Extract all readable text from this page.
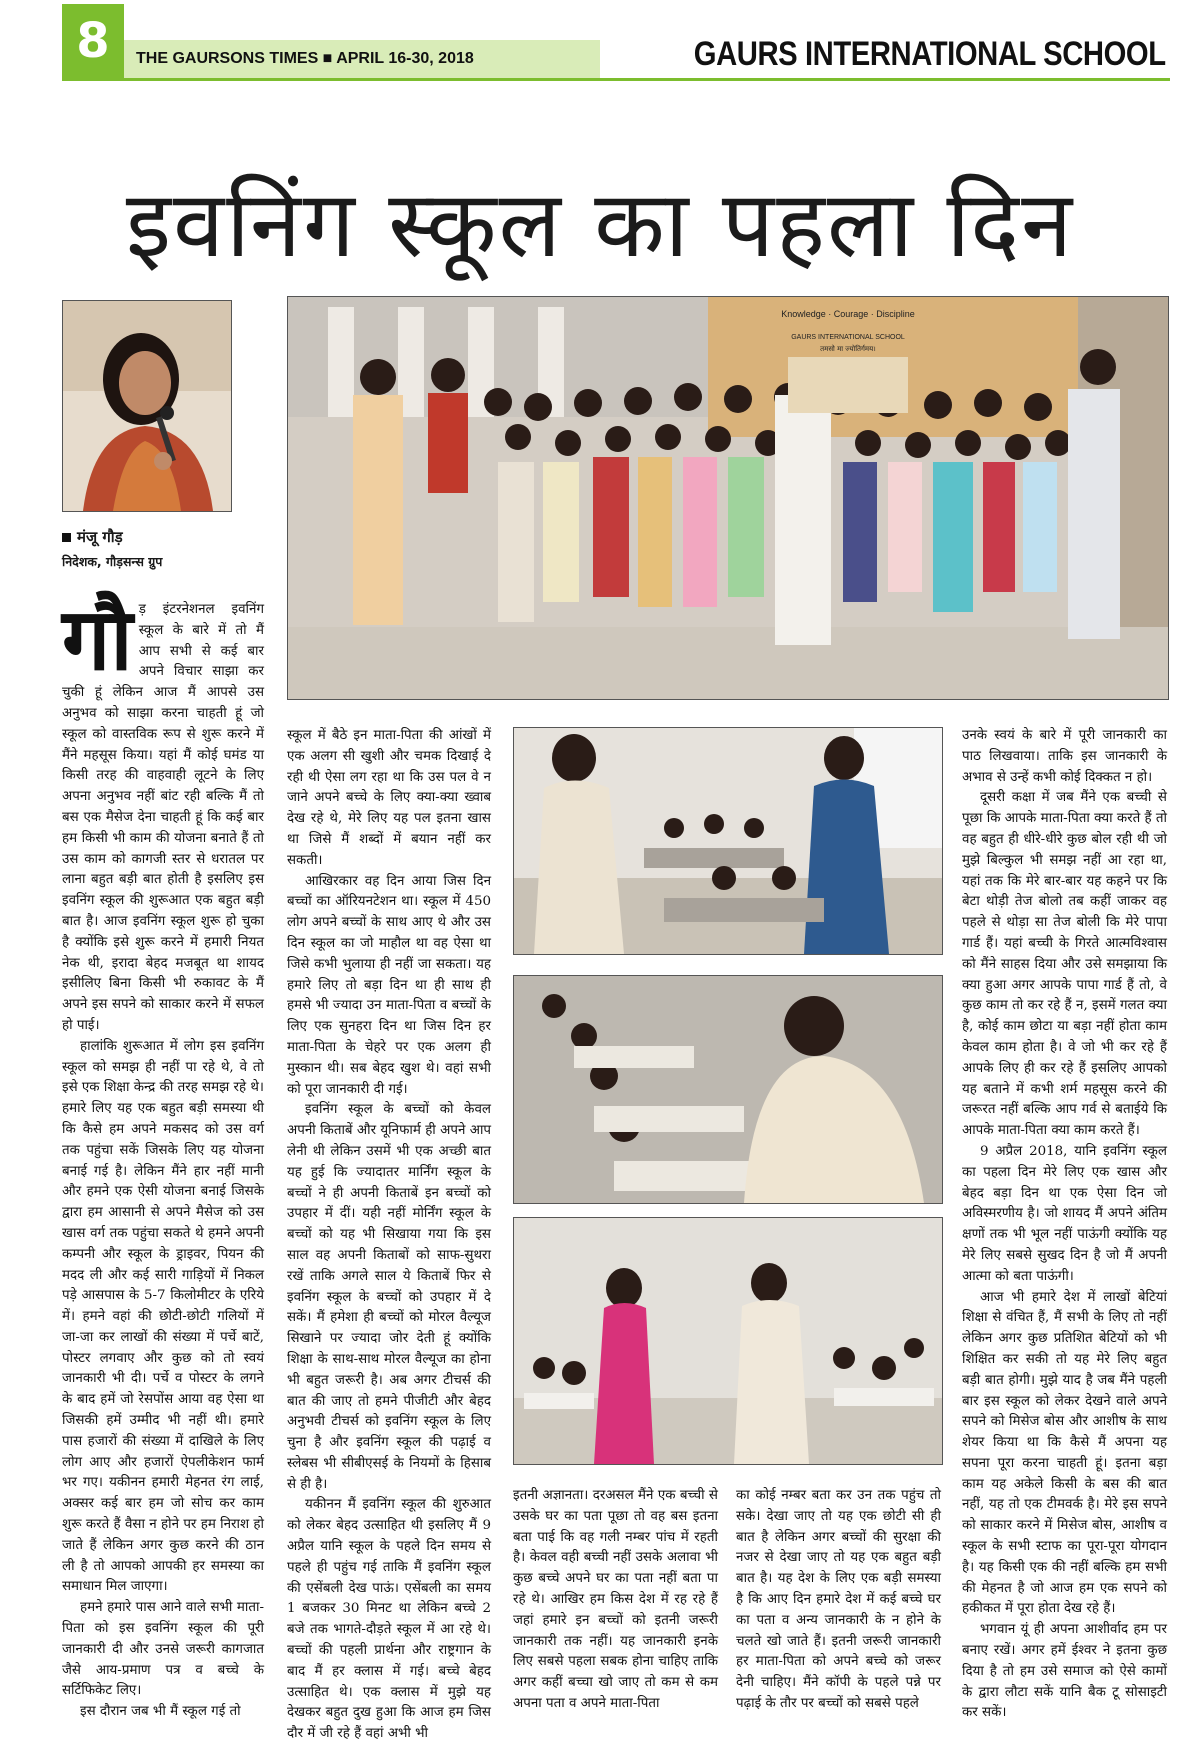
8	THE GAURSONS TIMES ■ APRIL 16-30, 2018	GAURS INTERNATIONAL SCHOOL
इवनिंग स्कूल का पहला दिन
मंजू गौड़
निदेशक, गौड़सन्स ग्रुप
Knowledge · Courage · Discipline
GAURS INTERNATIONAL SCHOOL
तमसो मा ज्योतिर्गमय।

गौड़ इंटरनेशनल इवनिंग स्कूल के बारे में तो मैं आप सभी से कई बार अपने विचार साझा कर चुकी हूं लेकिन आज मैं आपसे उस अनुभव को साझा करना चाहती हूं जो स्कूल को वास्तविक रूप से शुरू करने में मैंने महसूस किया। यहां मैं कोई घमंड या किसी तरह की वाहवाही लूटने के लिए अपना अनुभव नहीं बांट रही बल्कि मैं तो बस एक मैसेज देना चाहती हूं कि कई बार हम किसी भी काम की योजना बनाते हैं तो उस काम को कागजी स्तर से धरातल पर लाना बहुत बड़ी बात होती है इसलिए इस इवनिंग स्कूल की शुरूआत एक बहुत बड़ी बात है। आज इवनिंग स्कूल शुरू हो चुका है क्योंकि इसे शुरू करने में हमारी नियत नेक थी, इरादा बेहद मजबूत था शायद इसीलिए बिना किसी भी रुकावट के मैं अपने इस सपने को साकार करने में सफल हो पाई।

हालांकि शुरूआत में लोग इस इवनिंग स्कूल को समझ ही नहीं पा रहे थे, वे तो इसे एक शिक्षा केन्द्र की तरह समझ रहे थे। हमारे लिए यह एक बहुत बड़ी समस्या थी कि कैसे हम अपने मकसद को उस वर्ग तक पहुंचा सकें जिसके लिए यह योजना बनाई गई है। लेकिन मैंने हार नहीं मानी और हमने एक ऐसी योजना बनाई जिसके द्वारा हम आसानी से अपने मैसेज को उस खास वर्ग तक पहुंचा सकते थे हमने अपनी कम्पनी और स्कूल के ड्राइवर, पियन की मदद ली और कई सारी गाड़ियों में निकल पड़े आसपास के 5-7 किलोमीटर के एरिये में। हमने वहां की छोटी-छोटी गलियों में जा-जा कर लाखों की संख्या में पर्चे बाटें, पोस्टर लगवाए और कुछ को तो स्वयं जानकारी भी दी। पर्चे व पोस्टर के लगने के बाद हमें जो रेसपोंस आया वह ऐसा था जिसकी हमें उम्मीद भी नहीं थी। हमारे पास हजारों की संख्या में दाखिले के लिए लोग आए और हजारों ऐपलीकेशन फार्म भर गए। यकीनन हमारी मेहनत रंग लाई, अक्सर कई बार हम जो सोच कर काम शुरू करते हैं वैसा न होने पर हम निराश हो जाते हैं लेकिन अगर कुछ करने की ठान ली है तो आपको आपकी हर समस्या का समाधान मिल जाएगा।

हमने हमारे पास आने वाले सभी माता-पिता को इस इवनिंग स्कूल की पूरी जानकारी दी और उनसे जरूरी कागजात जैसे आय-प्रमाण पत्र व बच्चे के सर्टिफिकेट लिए।

इस दौरान जब भी मैं स्कूल गई तो

स्कूल में बैठे इन माता-पिता की आंखों में एक अलग सी खुशी और चमक दिखाई दे रही थी ऐसा लग रहा था कि उस पल वे न जाने अपने बच्चे के लिए क्या-क्या ख्वाब देख रहे थे, मेरे लिए यह पल इतना खास था जिसे मैं शब्दों में बयान नहीं कर सकती।

आखिरकार वह दिन आया जिस दिन बच्चों का ऑरियनटेशन था। स्कूल में 450 लोग अपने बच्चों के साथ आए थे और उस दिन स्कूल का जो माहौल था वह ऐसा था जिसे कभी भुलाया ही नहीं जा सकता। यह हमारे लिए तो बड़ा दिन था ही साथ ही हमसे भी ज्यादा उन माता-पिता व बच्चों के लिए एक सुनहरा दिन था जिस दिन हर माता-पिता के चेहरे पर एक अलग ही मुस्कान थी। सब बेहद खुश थे। वहां सभी को पूरा जानकारी दी गई।

इवनिंग स्कूल के बच्चों को केवल अपनी किताबें और यूनिफार्म ही अपने आप लेनी थी लेकिन उसमें भी एक अच्छी बात यह हुई कि ज्यादातर मार्निंग स्कूल के बच्चों ने ही अपनी किताबें इन बच्चों को उपहार में दीं। यही नहीं मोर्निंग स्कूल के बच्चों को यह भी सिखाया गया कि इस साल वह अपनी किताबों को साफ-सुथरा रखें ताकि अगले साल ये किताबें फिर से इवनिंग स्कूल के बच्चों को उपहार में दे सकें। मैं हमेशा ही बच्चों को मोरल वैल्यूज सिखाने पर ज्यादा जोर देती हूं क्योंकि शिक्षा के साथ-साथ मोरल वैल्यूज का होना भी बहुत जरूरी है। अब अगर टीचर्स की बात की जाए तो हमने पीजीटी और बेहद अनुभवी टीचर्स को इवनिंग स्कूल के लिए चुना है और इवनिंग स्कूल की पढ़ाई व स्लेबस भी सीबीएसई के नियमों के हिसाब से ही है।

यकीनन मैं इवनिंग स्कूल की शुरुआत को लेकर बेहद उत्साहित थी इसलिए मैं 9 अप्रैल यानि स्कूल के पहले दिन समय से पहले ही पहुंच गई ताकि मैं इवनिंग स्कूल की एसेंबली देख पाऊं। एसेंबली का समय 1 बजकर 30 मिनट था लेकिन बच्चे 2 बजे तक भागते-दौड़ते स्कूल में आ रहे थे। बच्चों की पहली प्रार्थना और राष्ट्रगान के बाद मैं हर क्लास में गई। बच्चे बेहद उत्साहित थे। एक क्लास में मुझे यह देखकर बहुत दुख हुआ कि आज हम जिस दौर में जी रहे हैं वहां अभी भी

इतनी अज्ञानता। दरअसल मैंने एक बच्ची से उसके घर का पता पूछा तो वह बस इतना बता पाई कि वह गली नम्बर पांच में रहती है। केवल वही बच्ची नहीं उसके अलावा भी कुछ बच्चे अपने घर का पता नहीं बता पा रहे थे। आखिर हम किस देश में रह रहे हैं जहां हमारे इन बच्चों को इतनी जरूरी जानकारी तक नहीं। यह जानकारी इनके लिए सबसे पहला सबक होना चाहिए ताकि अगर कहीं बच्चा खो जाए तो कम से कम अपना पता व अपने माता-पिता

का कोई नम्बर बता कर उन तक पहुंच तो सके। देखा जाए तो यह एक छोटी सी ही बात है लेकिन अगर बच्चों की सुरक्षा की नजर से देखा जाए तो यह एक बहुत बड़ी बात है। यह देश के लिए एक बड़ी समस्या है कि आए दिन हमारे देश में कई बच्चे घर का पता व अन्य जानकारी के न होने के चलते खो जाते हैं। इतनी जरूरी जानकारी हर माता-पिता को अपने बच्चे को जरूर देनी चाहिए। मैंने कॉपी के पहले पन्ने पर पढ़ाई के तौर पर बच्चों को सबसे पहले

उनके स्वयं के बारे में पूरी जानकारी का पाठ लिखवाया। ताकि इस जानकारी के अभाव से उन्हें कभी कोई दिक्कत न हो।

दूसरी कक्षा में जब मैंने एक बच्ची से पूछा कि आपके माता-पिता क्या करते हैं तो वह बहुत ही धीरे-धीरे कुछ बोल रही थी जो मुझे बिल्कुल भी समझ नहीं आ रहा था, यहां तक कि मेरे बार-बार यह कहने पर कि बेटा थोड़ी तेज बोलो तब कहीं जाकर वह पहले से थोड़ा सा तेज बोली कि मेरे पापा गार्ड हैं। यहां बच्ची के गिरते आत्मविश्वास को मैंने साहस दिया और उसे समझाया कि क्या हुआ अगर आपके पापा गार्ड हैं तो, वे कुछ काम तो कर रहे हैं न, इसमें गलत क्या है, कोई काम छोटा या बड़ा नहीं होता काम केवल काम होता है। वे जो भी कर रहे हैं आपके लिए ही कर रहे हैं इसलिए आपको यह बताने में कभी शर्म महसूस करने की जरूरत नहीं बल्कि आप गर्व से बताईये कि आपके माता-पिता क्या काम करते हैं।

9 अप्रैल 2018, यानि इवनिंग स्कूल का पहला दिन मेरे लिए एक खास और बेहद बड़ा दिन था एक ऐसा दिन जो अविस्मरणीय है। जो शायद मैं अपने अंतिम क्षणों तक भी भूल नहीं पाऊंगी क्योंकि यह मेरे लिए सबसे सुखद दिन है जो मैं अपनी आत्मा को बता पाऊंगी।

आज भी हमारे देश में लाखों बेटियां शिक्षा से वंचित हैं, मैं सभी के लिए तो नहीं लेकिन अगर कुछ प्रतिशित बेटियों को भी शिक्षित कर सकी तो यह मेरे लिए बहुत बड़ी बात होगी। मुझे याद है जब मैंने पहली बार इस स्कूल को लेकर देखने वाले अपने सपने को मिसेज बोस और आशीष के साथ शेयर किया था कि कैसे मैं अपना यह सपना पूरा करना चाहती हूं। इतना बड़ा काम यह अकेले किसी के बस की बात नहीं, यह तो एक टीमवर्क है। मेरे इस सपने को साकार करने में मिसेज बोस, आशीष व स्कूल के सभी स्टाफ का पूरा-पूरा योगदान है। यह किसी एक की नहीं बल्कि हम सभी की मेहनत है जो आज हम एक सपने को हकीकत में पूरा होता देख रहे हैं।

भगवान यूं ही अपना आशीर्वाद हम पर बनाए रखें। अगर हमें ईश्वर ने इतना कुछ दिया है तो हम उसे समाज को ऐसे कामों के द्वारा लौटा सकें यानि बैक टू सोसाइटी कर सकें।
